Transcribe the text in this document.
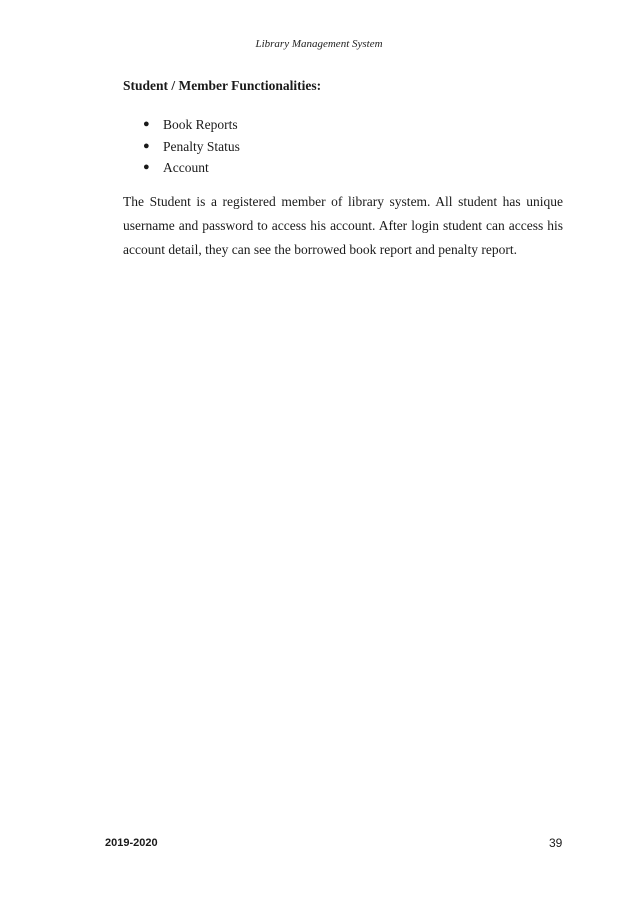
Library Management System
Student / Member Functionalities:
● Book Reports
● Penalty Status
● Account

The Student is a registered member of library system. All student has unique username and password to access his account. After login student can access his account detail, they can see the borrowed book report and penalty report.

2019-2020	39
